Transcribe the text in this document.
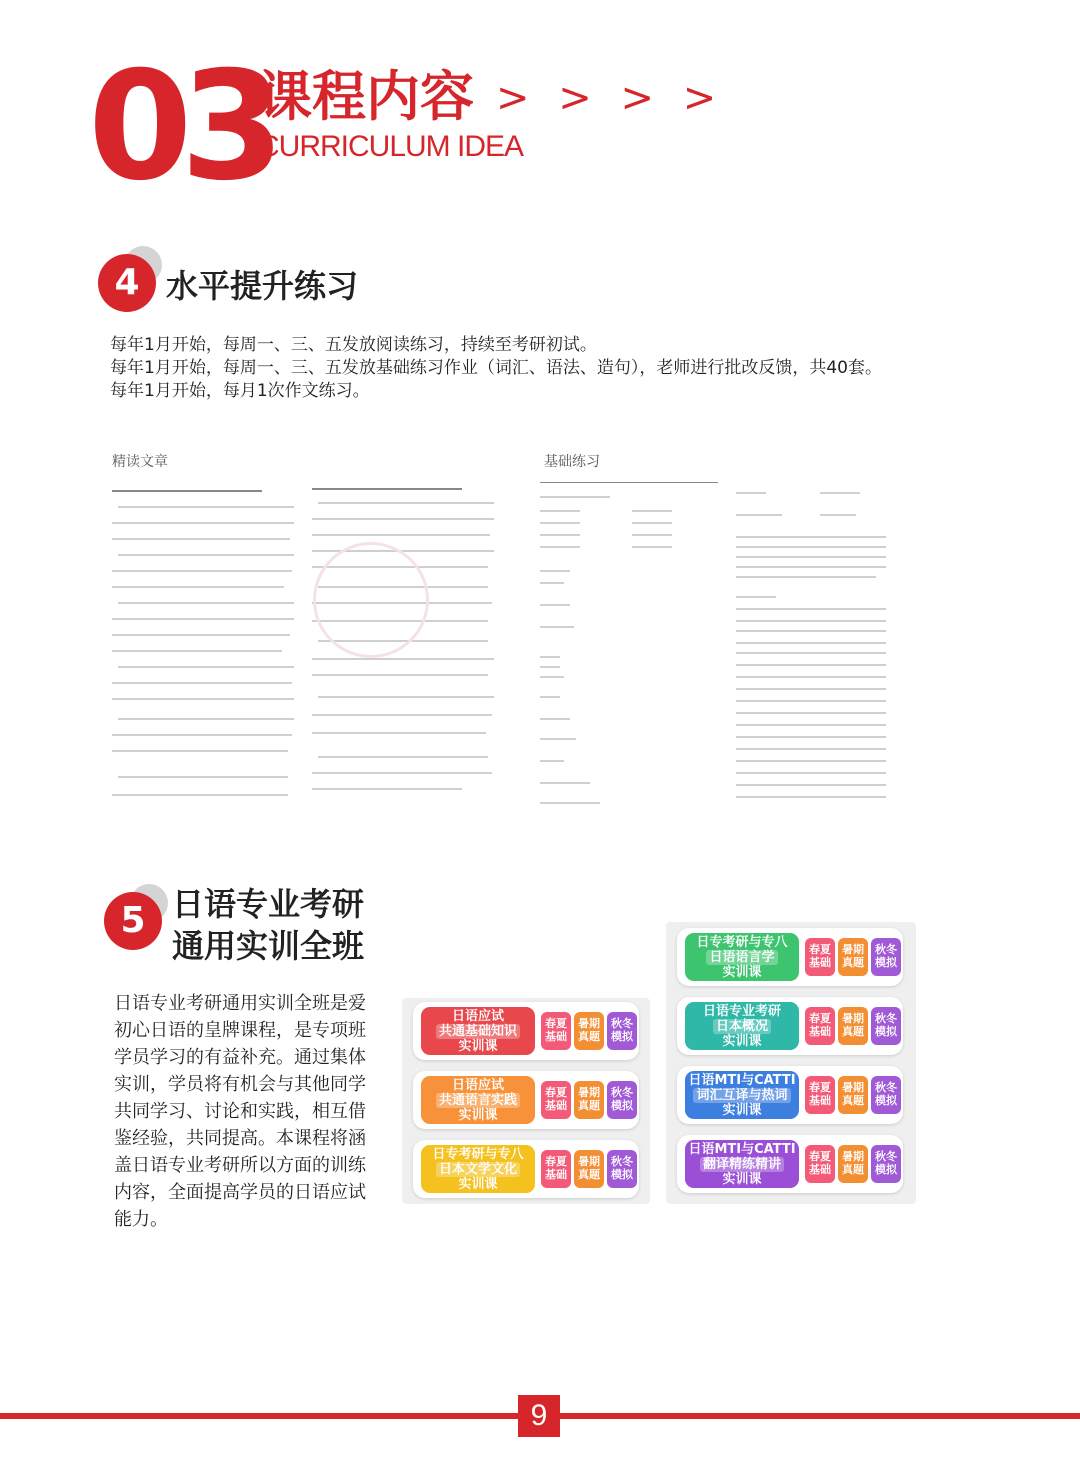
03
课程内容
CURRICULUM IDEA
> > > >
4 水平提升练习
每年1月开始，每周一、三、五发放阅读练习，持续至考研初试。
每年1月开始，每周一、三、五发放基础练习作业（词汇、语法、造句），老师进行批改反馈，共40套。
每年1月开始，每月1次作文练习。
精读文章	基础练习
5 日语专业考研
通用实训全班
日语专业考研通用实训全班是爱初心日语的皇牌课程，是专项班学员学习的有益补充。通过集体实训，学员将有机会与其他同学共同学习、讨论和实践，相互借鉴经验，共同提高。本课程将涵盖日语专业考研所以方面的训练内容，全面提高学员的日语应试能力。
日语应试
共通基础知识
实训课
春夏基础
暑期真题
秋冬模拟
日语应试
共通语言实践
实训课
春夏基础
暑期真题
秋冬模拟
日专考研与专八
日本文学文化
实训课
春夏基础
暑期真题
秋冬模拟
日专考研与专八
日语语言学
实训课
春夏基础
暑期真题
秋冬模拟
日语专业考研
日本概况
实训课
春夏基础
暑期真题
秋冬模拟
日语MTI与CATTI
词汇互译与热词
实训课
春夏基础
暑期真题
秋冬模拟
日语MTI与CATTI
翻译精练精讲
实训课
春夏基础
暑期真题
秋冬模拟
9
